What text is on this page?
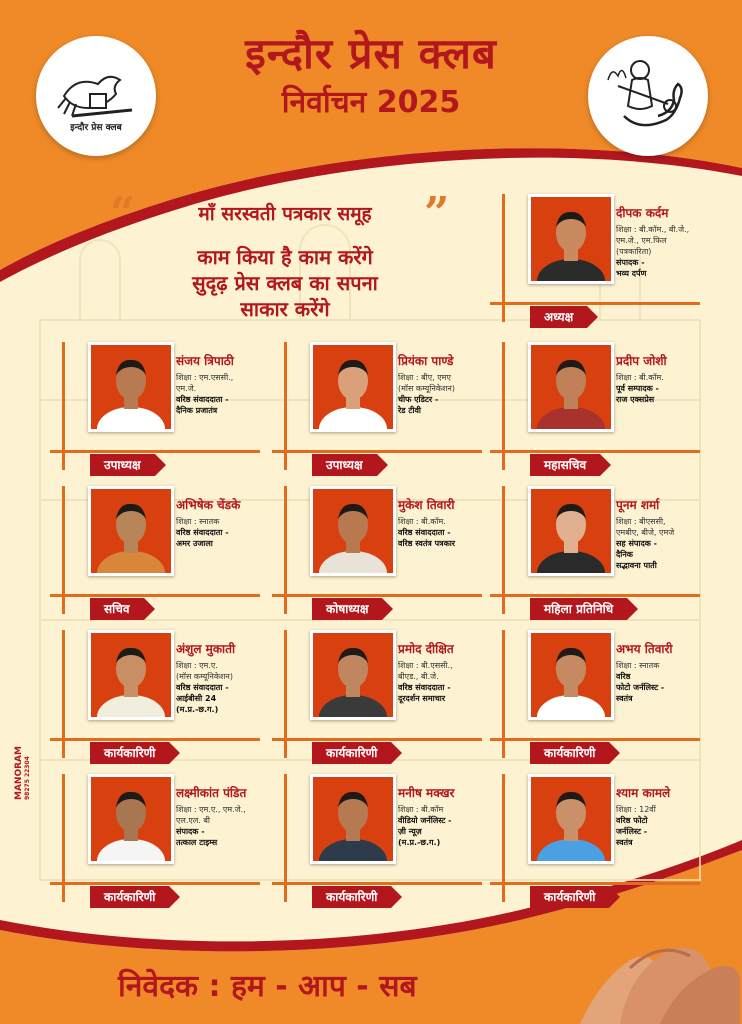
इन्दौर प्रेस क्लब
इन्दौर प्रेस क्लब
निर्वाचन 2025
“	”
माँ सरस्वती पत्रकार समूह
काम किया है काम करेंगे
सुदृढ़ प्रेस क्लब का सपना
साकार करेंगे	अध्यक्ष
दीपक कर्दम
शिक्षा : बी.कॉम., बी.जे.,
एम.जे., एम.फिल
(पत्रकारिता)
संपादक -
भव्य दर्पण
उपाध्यक्ष
संजय त्रिपाठी
शिक्षा : एम.एससी.,
एम.जे.
वरिष्ठ संवाददाता -
दैनिक प्रजातंत्र
उपाध्यक्ष
प्रियंका पाण्डे
शिक्षा : बीए, एमए
(मॉस कम्यूनिकेशन)
चीफ एडिटर -
रेड टीवी
महासचिव
प्रदीप जोशी
शिक्षा : बी.कॉम.
पूर्व सम्पादक -
राज एक्सप्रेस
सचिव
अभिषेक चेंडके
शिक्षा : स्नातक
वरिष्ठ संवाददाता -
अमर उजाला
कोषाध्यक्ष
मुकेश तिवारी
शिक्षा : बी.कॉम.
वरिष्ठ संवाददाता -
वरिष्ठ स्वतंत्र पत्रकार
महिला प्रतिनिधि
पूनम शर्मा
शिक्षा : बीएससी,
एमबीए, बीजे, एमजे
सह संपादक -
दैनिक
सद्भावना पाती
कार्यकारिणी
अंशुल मुकाती
शिक्षा : एम.ए.
(मॉस कम्यूनिकेशन)
वरिष्ठ संवाददाता -
आईबीसी 24
(म.प्र.-छ.ग.)
कार्यकारिणी
प्रमोद दीक्षित
शिक्षा : बी.एससी.,
बीएड., बी.जे.
वरिष्ठ संवाददाता -
दूरदर्शन समाचार
कार्यकारिणी
अभय तिवारी
शिक्षा : स्नातक
वरिष्ठ
फोटो जर्नलिस्ट -
स्वतंत्र
कार्यकारिणी
लक्ष्मीकांत पंडित
शिक्षा : एम.ए., एम.जे.,
एल.एल. बी
संपादक -
तत्काल टाइम्स
कार्यकारिणी
मनीष मक्खर
शिक्षा : बी.कॉम
वीडियो जर्नलिस्ट -
ज़ी न्यूज़
(म.प्र.-छ.ग.)
कार्यकारिणी
श्याम कामले
शिक्षा : 12वीं
वरिष्ठ फोटो
जर्नलिस्ट -
स्वतंत्र
MANORAM 98275 22304
निवेदक : हम - आप - सब
